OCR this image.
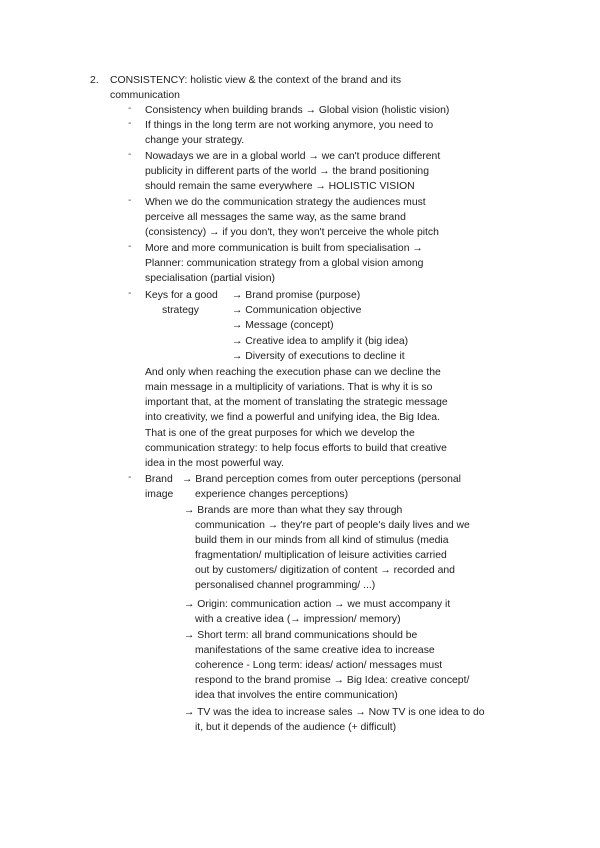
2. CONSISTENCY: holistic view & the context of the brand and its
communication
- Consistency when building brands → Global vision (holistic vision)
- If things in the long term are not working anymore, you need to
change your strategy.
- Nowadays we are in a global world → we can't produce different
publicity in different parts of the world → the brand positioning
should remain the same everywhere → HOLISTIC VISION
- When we do the communication strategy the audiences must
perceive all messages the same way, as the same brand
(consistency) → if you don't, they won't perceive the whole pitch
- More and more communication is built from specialisation →
Planner: communication strategy from a global vision among
specialisation (partial vision)
- Keys for a good
strategy
→ Brand promise (purpose)
→ Communication objective
→ Message (concept)
→ Creative idea to amplify it (big idea)
→ Diversity of executions to decline it
And only when reaching the execution phase can we decline the
main message in a multiplicity of variations. That is why it is so
important that, at the moment of translating the strategic message
into creativity, we find a powerful and unifying idea, the Big Idea.
That is one of the great purposes for which we develop the
communication strategy: to help focus efforts to build that creative
idea in the most powerful way.
- Brand
image
→ Brand perception comes from outer perceptions (personal
experience changes perceptions)
→ Brands are more than what they say through
communication → they're part of people's daily lives and we
build them in our minds from all kind of stimulus (media
fragmentation/ multiplication of leisure activities carried
out by customers/ digitization of content → recorded and
personalised channel programming/ ...)
→ Origin: communication action → we must accompany it
with a creative idea (→ impression/ memory)
→ Short term: all brand communications should be
manifestations of the same creative idea to increase
coherence - Long term: ideas/ action/ messages must
respond to the brand promise → Big Idea: creative concept/
idea that involves the entire communication)
→ TV was the idea to increase sales → Now TV is one idea to do
it, but it depends of the audience (+ difficult)
